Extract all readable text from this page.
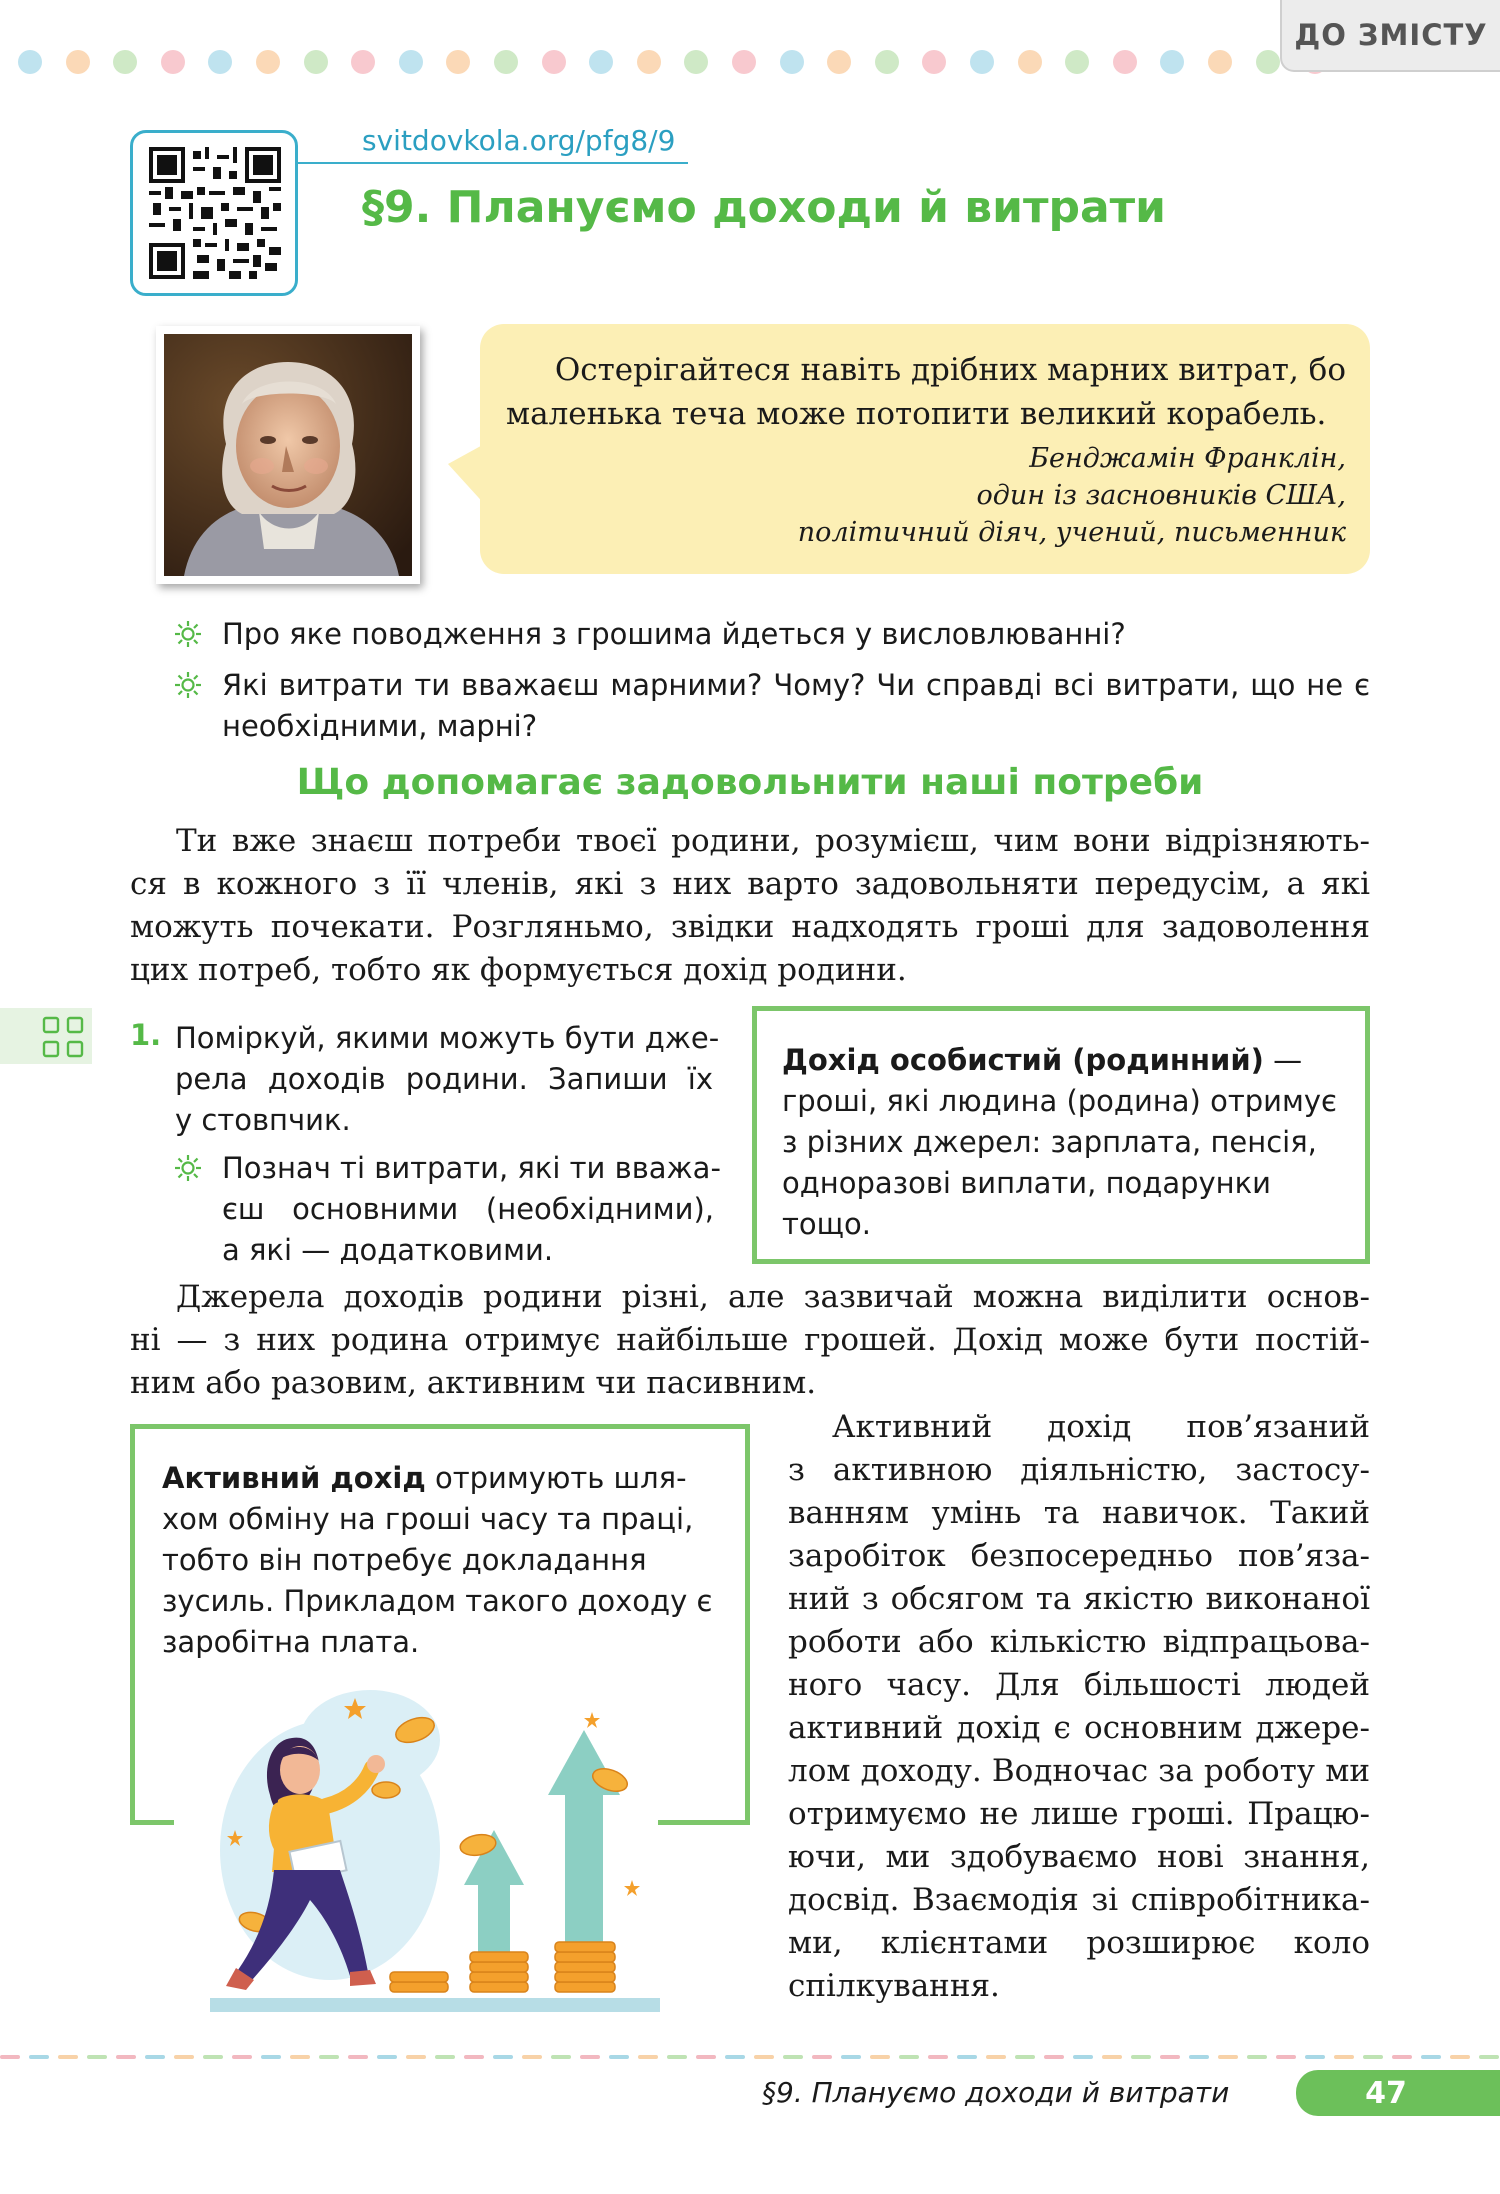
ДО ЗМІСТУ
svitdovkola.org/pfg8/9
§9. Плануємо доходи й витрати
Остерігайтеся навіть дрібних марних витрат, бо
маленька теча може потопити великий корабель.
Бенджамін Франклін,
один із засновників США,
політичний діяч, учений, письменник
Про яке поводження з грошима йдеться у висловлюванні?
Які витрати ти вважаєш марними? Чому? Чи справді всі витрати, що не є
необхідними, марні?
Що допомагає задовольнити наші потреби
Ти вже знаєш потреби твоєї родини, розумієш, чим вони відрізняють-
ся в кожного з її членів, які з них варто задовольняти передусім, а які
можуть почекати. Розгляньмо, звідки надходять гроші для задоволення
цих потреб, тобто як формується дохід родини.
1. Поміркуй, якими можуть бути дже-
рела доходів родини. Запиши їх
у стовпчик.
Познач ті витрати, які ти вважа-
єш основними (необхідними),
а які — додатковими.
Дохід особистий (родинний) —
гроші, які людина (родина) отримує
з різних джерел: зарплата, пенсія,
одноразові виплати, подарунки
тощо.
Джерела доходів родини різні, але зазвичай можна виділити основ-
ні — з них родина отримує найбільше грошей. Дохід може бути постій-
ним або разовим, активним чи пасивним.
Активний дохід отримують шля-
хом обміну на гроші часу та праці,
тобто він потребує докладання
зусиль. Прикладом такого доходу є
заробітна плата.
Активний дохід пов’язаний
з активною діяльністю, застосу-
ванням умінь та навичок. Такий
заробіток безпосередньо пов’яза-
ний з обсягом та якістю виконаної
роботи або кількістю відпрацьова-
ного часу. Для більшості людей
активний дохід є основним джере-
лом доходу. Водночас за роботу ми
отримуємо не лише гроші. Працю-
ючи, ми здобуваємо нові знання,
досвід. Взаємодія зі співробітника-
ми, клієнтами розширює коло
спілкування.
§9. Плануємо доходи й витрати	47
